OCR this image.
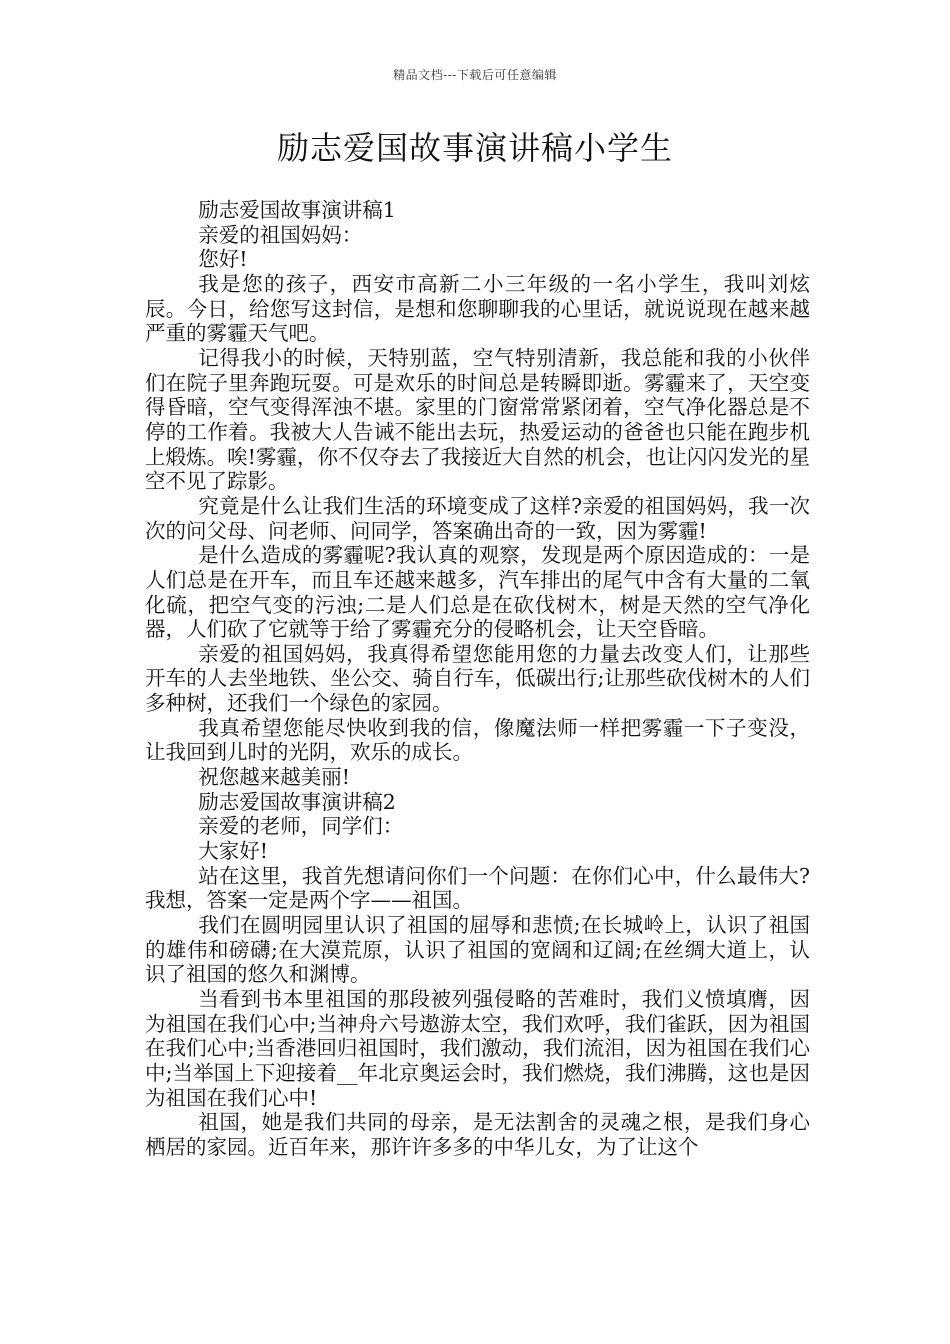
精品文档---下载后可任意编辑
励志爱国故事演讲稿小学生

励志爱国故事演讲稿1

亲爱的祖国妈妈：

您好!

我是您的孩子，西安市高新二小三年级的一名小学生，我叫刘炫辰。今日，给您写这封信，是想和您聊聊我的心里话，就说说现在越来越严重的雾霾天气吧。

记得我小的时候，天特别蓝，空气特别清新，我总能和我的小伙伴们在院子里奔跑玩耍。可是欢乐的时间总是转瞬即逝。雾霾来了，天空变得昏暗，空气变得浑浊不堪。家里的门窗常常紧闭着，空气净化器总是不停的工作着。我被大人告诫不能出去玩，热爱运动的爸爸也只能在跑步机上煅炼。唉!雾霾，你不仅夺去了我接近大自然的机会，也让闪闪发光的星空不见了踪影。

究竟是什么让我们生活的环境变成了这样?亲爱的祖国妈妈，我一次次的问父母、问老师、问同学，答案确出奇的一致，因为雾霾!

是什么造成的雾霾呢?我认真的观察，发现是两个原因造成的：一是人们总是在开车，而且车还越来越多，汽车排出的尾气中含有大量的二氧化硫，把空气变的污浊;二是人们总是在砍伐树木，树是天然的空气净化器，人们砍了它就等于给了雾霾充分的侵略机会，让天空昏暗。

亲爱的祖国妈妈，我真得希望您能用您的力量去改变人们，让那些开车的人去坐地铁、坐公交、骑自行车，低碳出行;让那些砍伐树木的人们多种树，还我们一个绿色的家园。

我真希望您能尽快收到我的信，像魔法师一样把雾霾一下子变没，让我回到儿时的光阴，欢乐的成长。

祝您越来越美丽!

励志爱国故事演讲稿2

亲爱的老师，同学们：

大家好!

站在这里，我首先想请问你们一个问题：在你们心中，什么最伟大?我想，答案一定是两个字——祖国。

我们在圆明园里认识了祖国的屈辱和悲愤;在长城岭上，认识了祖国的雄伟和磅礴;在大漠荒原，认识了祖国的宽阔和辽阔;在丝绸大道上，认识了祖国的悠久和渊博。

当看到书本里祖国的那段被列强侵略的苦难时，我们义愤填膺，因为祖国在我们心中;当神舟六号遨游太空，我们欢呼，我们雀跃，因为祖国在我们心中;当香港回归祖国时，我们激动，我们流泪，因为祖国在我们心中;当举国上下迎接着__年北京奥运会时，我们燃烧，我们沸腾，这也是因为祖国在我们心中!

祖国，她是我们共同的母亲，是无法割舍的灵魂之根，是我们身心栖居的家园。近百年来，那许许多多的中华儿女，为了让这个
